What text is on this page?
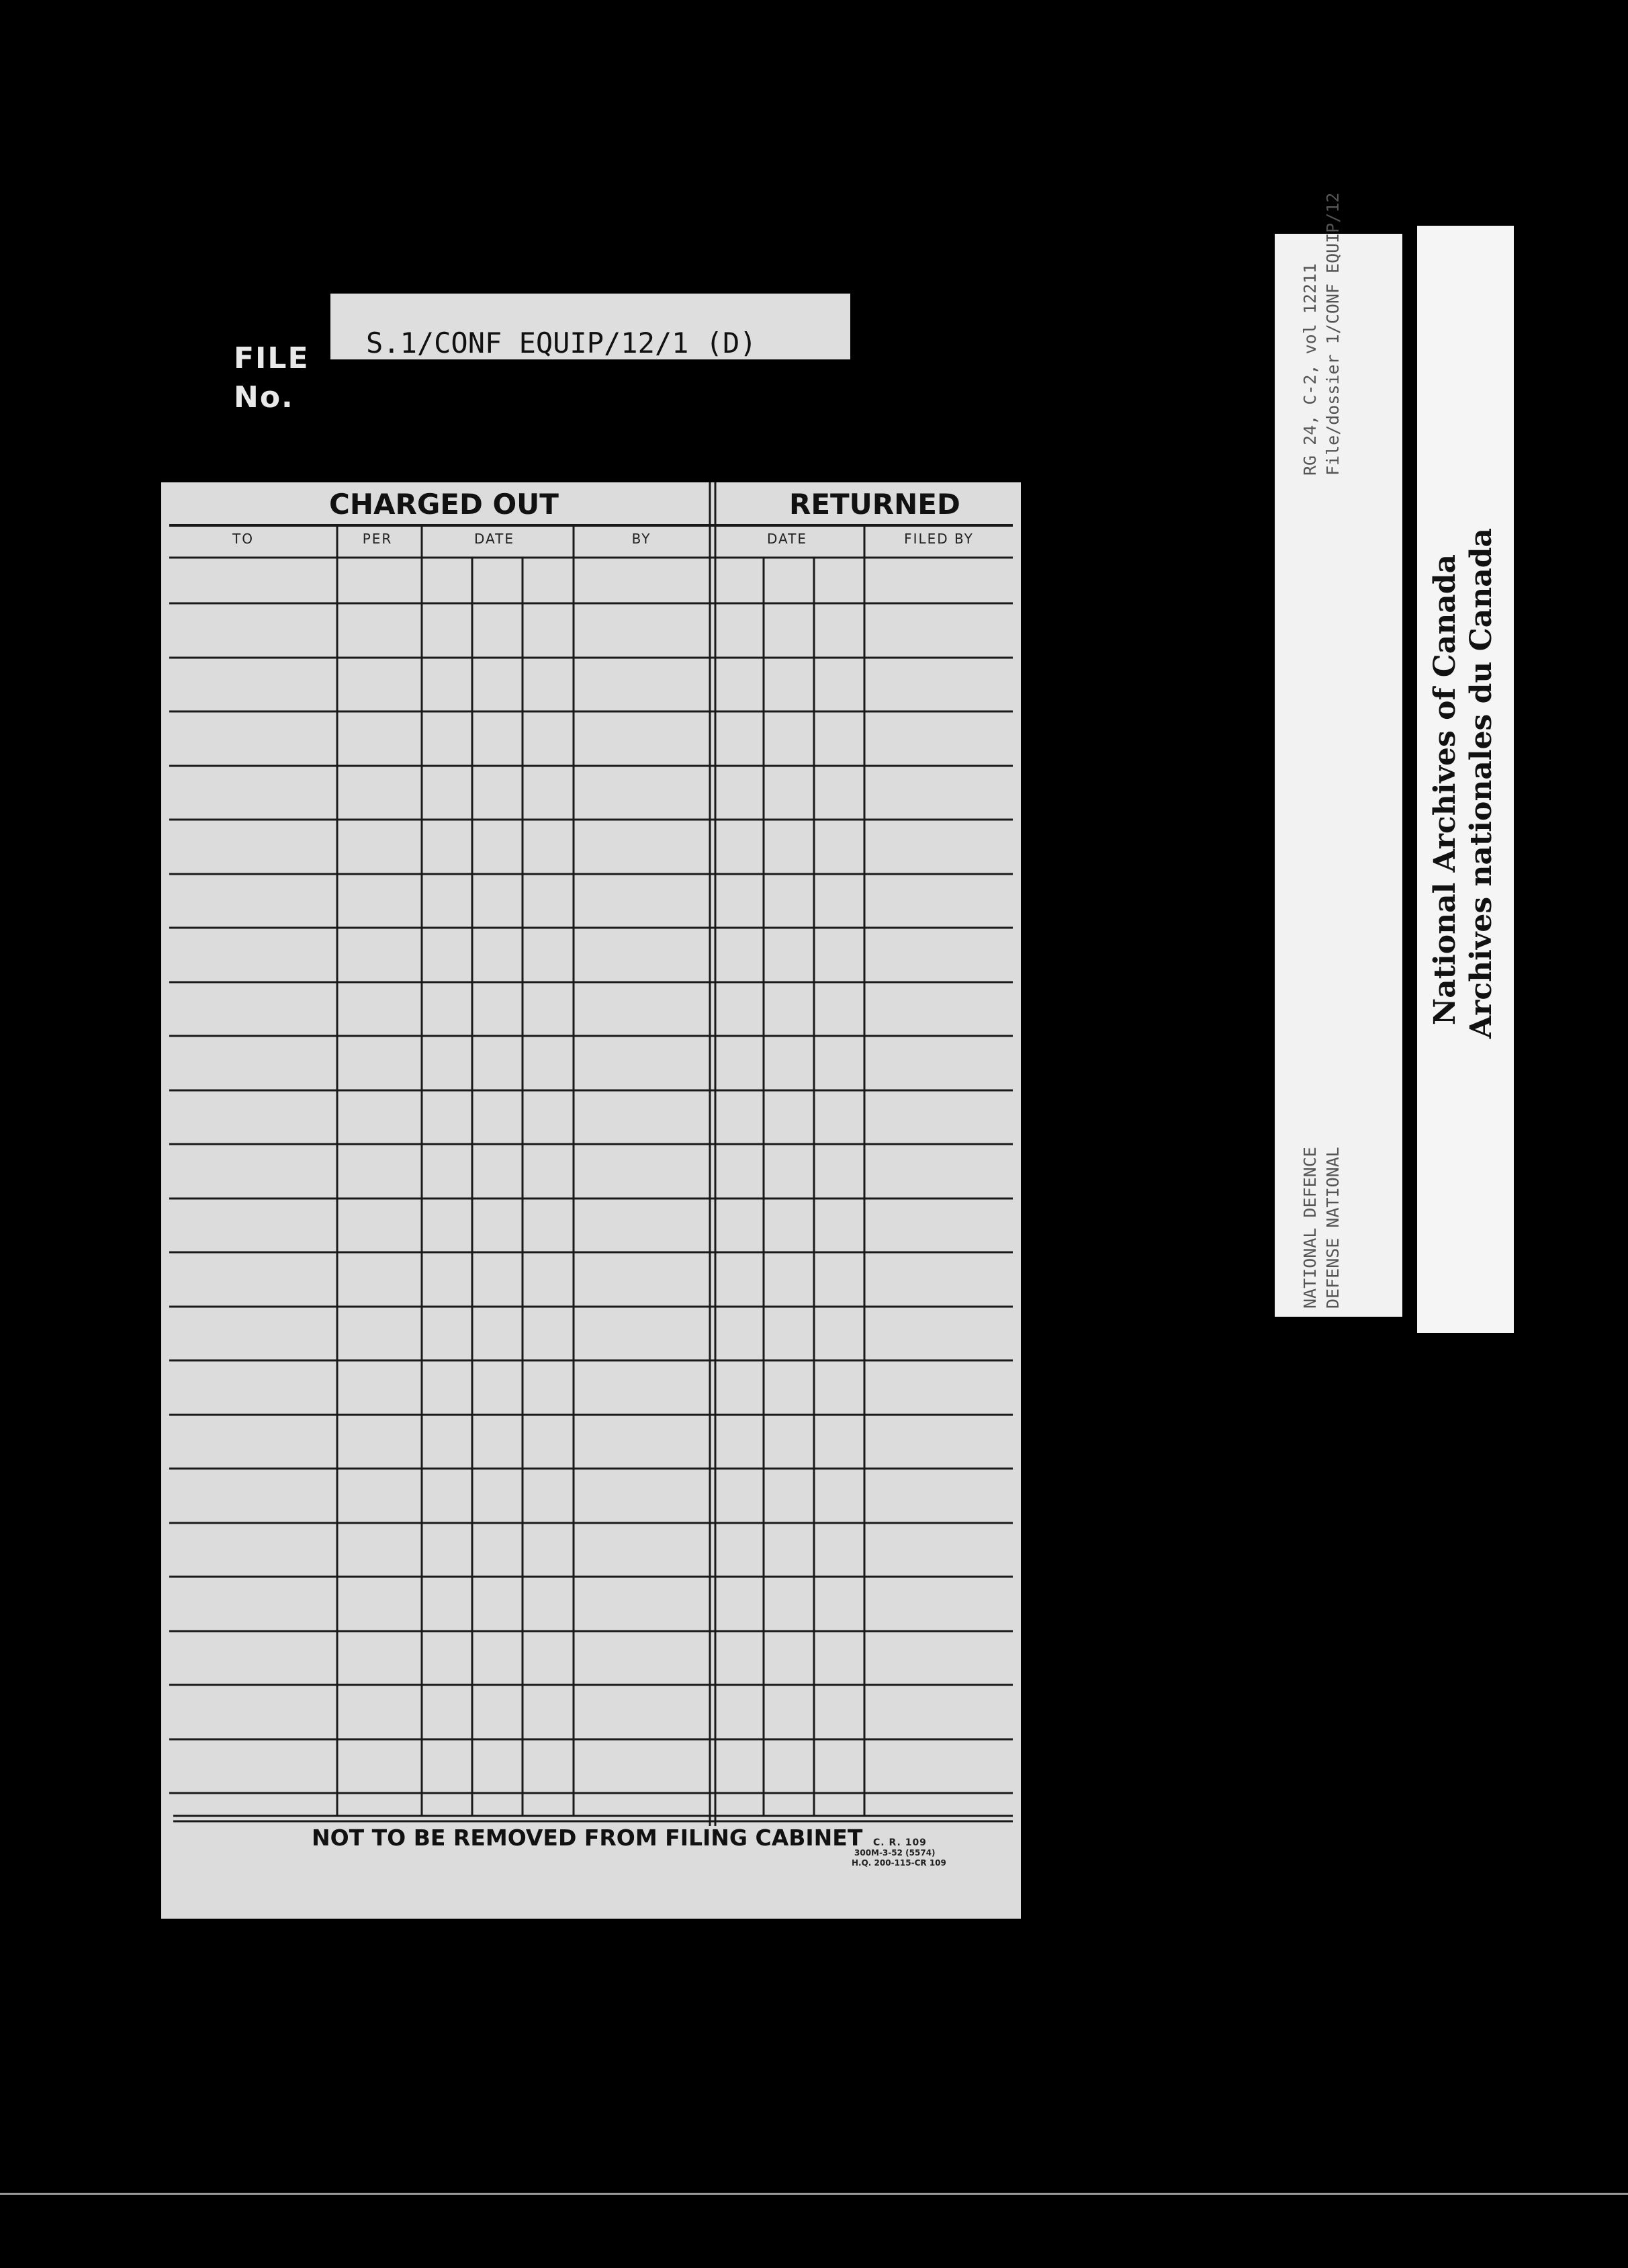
FILE
No.
S.1/CONF EQUIP/12/1 (D)
CHARGED OUT	RETURNED
TO	PER	DATE	BY	DATE	FILED BY
NOT TO BE REMOVED FROM FILING CABINET	C. R. 109
300M-3-52 (5574)
H.Q. 200-115-CR 109
RG 24, C-2, vol 12211 File/dossier 1/CONF EQUIP/12
NATIONAL DEFENCE DEFENSE NATIONAL
National Archives of Canada Archives nationales du Canada
